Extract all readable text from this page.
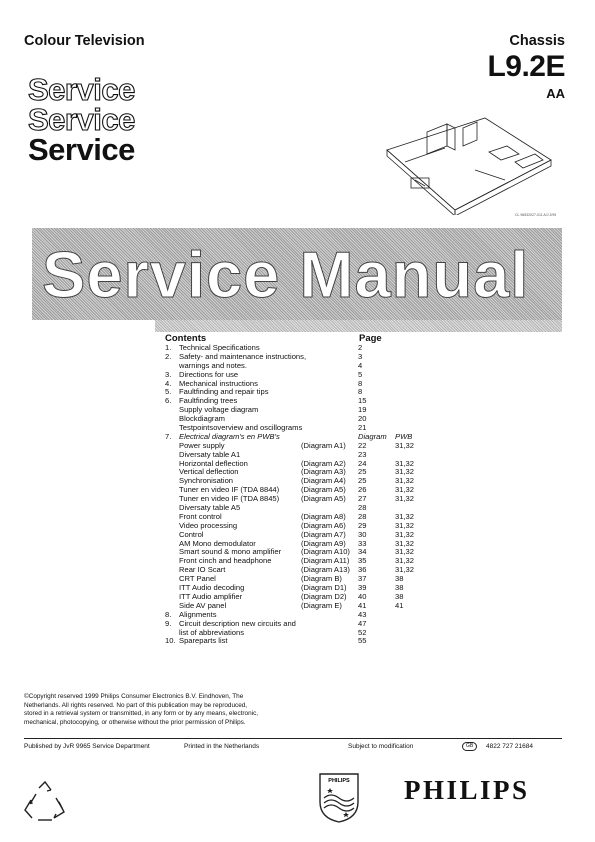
Colour Television	Chassis
L9.2E
AA
Service
Service
Service
CL 96532027-011 A/J 2/99
Service Manual
Contents	Page
1. Technical Specifications	2
2. Safety- and maintenance instructions,	3
warnings and notes.	4
3. Directions for use	5
4. Mechanical instructions	8
5. Faultfinding and repair tips	8
6. Faultfinding trees	15
Supply voltage diagram	19
Blockdiagram	20
Testpointsoverview and oscillograms	21
7. Electrical diagram's en PWB's	Diagram PWB
Power supply	(Diagram A1) 22	31,32
Diversaty table A1	23
Horizontal deflection	(Diagram A2) 24	31,32
Vertical deflection	(Diagram A3) 25	31,32
Synchronisation	(Diagram A4) 25	31,32
Tuner en video IF (TDA 8844)	(Diagram A5) 26	31,32
Tuner en video IF (TDA 8845)	(Diagram A5) 27	31,32
Diversaty table A5	28
Front control	(Diagram A8) 28	31,32
Video processing	(Diagram A6) 29	31,32
Control	(Diagram A7) 30	31,32
AM Mono demodulator	(Diagram A9) 33	31,32
Smart sound & mono amplifier	(Diagram A10) 34	31,32
Front cinch and headphone	(Diagram A11) 35	31,32
Rear IO Scart	(Diagram A13) 36	31,32
CRT Panel	(Diagram B) 37	38
ITT Audio decoding	(Diagram D1) 39	38
ITT Audio amplifier	(Diagram D2) 40	38
Side AV panel	(Diagram E) 41	41
8. Alignments	43
9. Circuit description new circuits and	47
list of abbreviations	52
10. Spareparts list	55
©Copyright reserved 1999 Philips Consumer Electronics B.V. Eindhoven, The
Netherlands. All rights reserved. No part of this publication may be reproduced,
stored in a retrieval system or transmitted, in any form or by any means, electronic,
mechanical, photocopying, or otherwise without the prior permission of Philips.
Published by JvR 9965 Service Department	Printed in the Netherlands	Subject to modification	GB	4822 727 21684
PHILIPS PHILIPS
